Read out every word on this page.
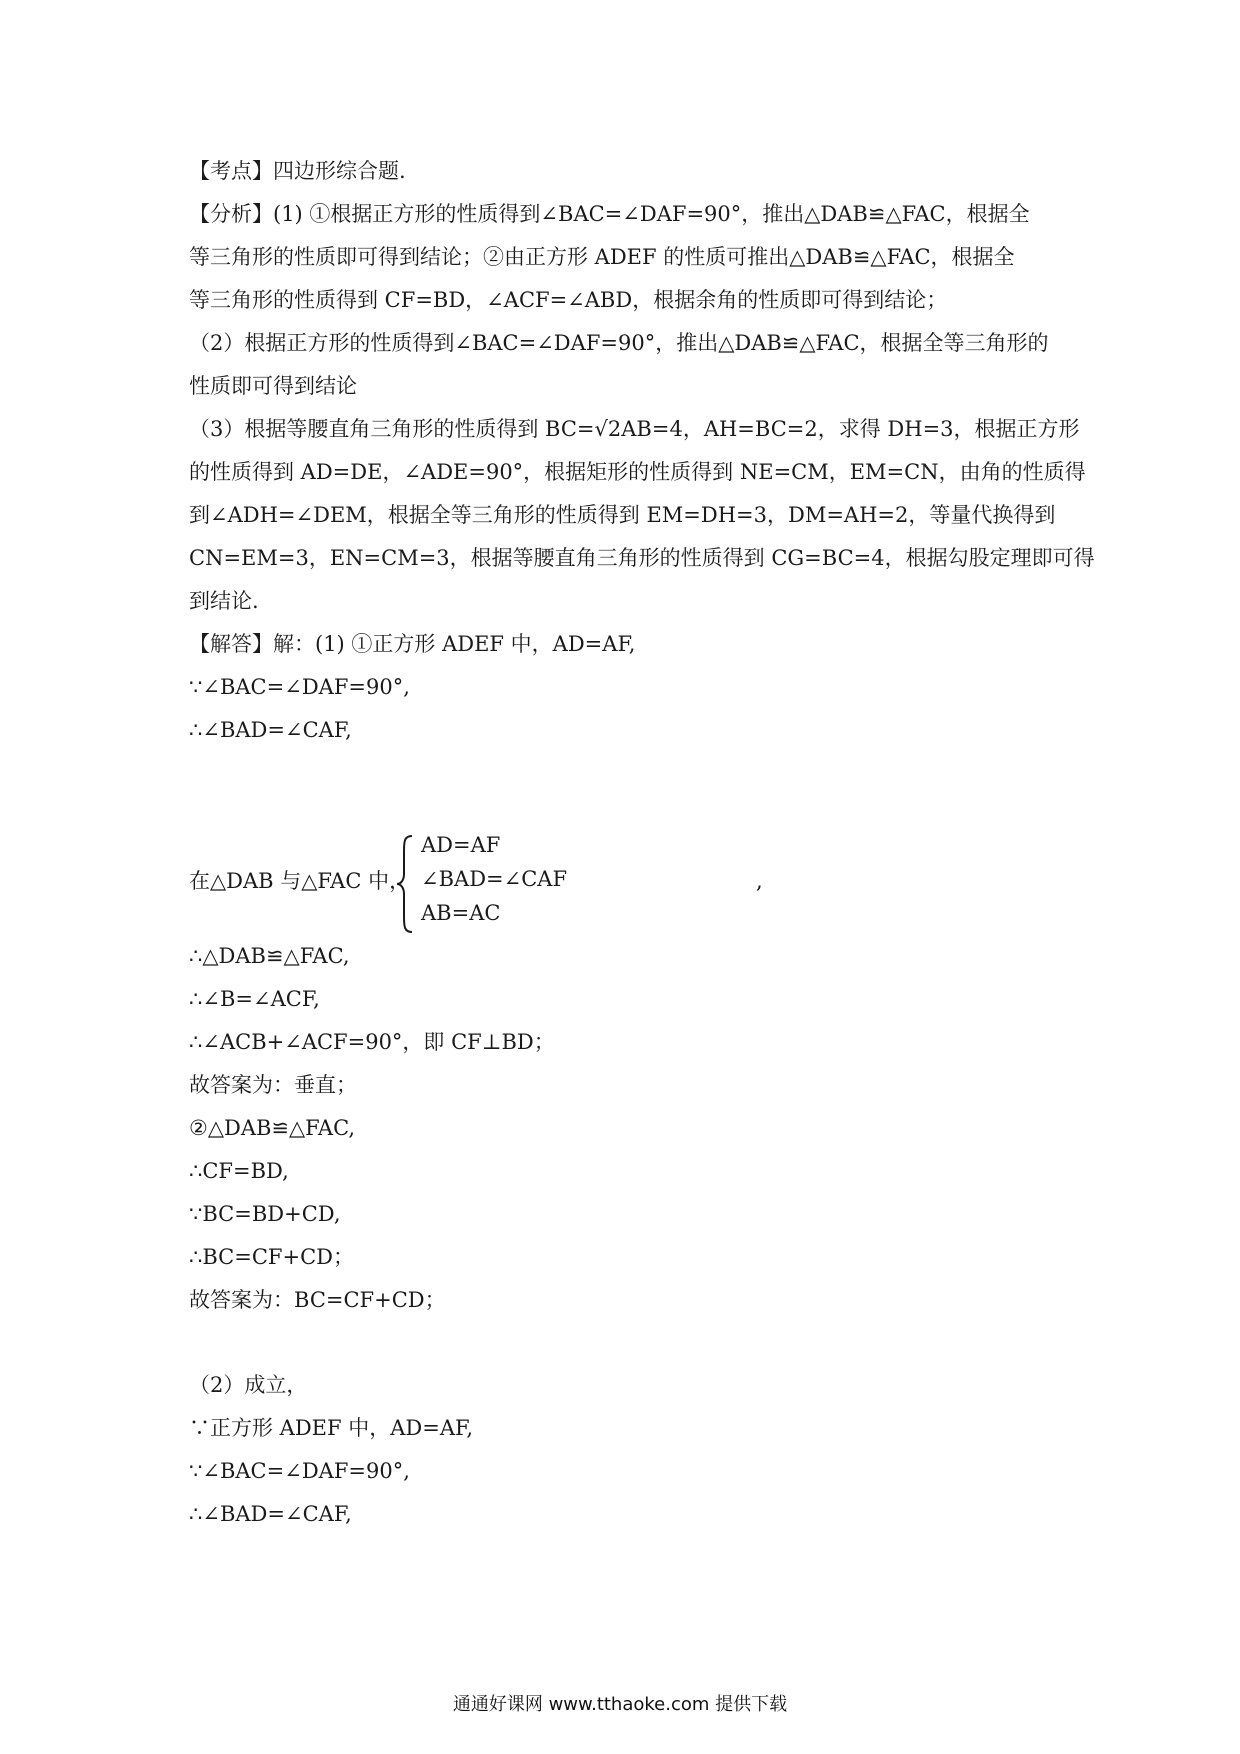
【考点】四边形综合题.
【分析】(1) ①根据正方形的性质得到∠BAC=∠DAF=90°，推出△DAB≌△FAC，根据全
等三角形的性质即可得到结论；②由正方形 ADEF 的性质可推出△DAB≌△FAC，根据全
等三角形的性质得到 CF=BD，∠ACF=∠ABD，根据余角的性质即可得到结论；
（2）根据正方形的性质得到∠BAC=∠DAF=90°，推出△DAB≌△FAC，根据全等三角形的
性质即可得到结论
（3）根据等腰直角三角形的性质得到 BC=√2AB=4，AH=BC=2，求得 DH=3，根据正方形
的性质得到 AD=DE，∠ADE=90°，根据矩形的性质得到 NE=CM，EM=CN，由角的性质得
到∠ADH=∠DEM，根据全等三角形的性质得到 EM=DH=3，DM=AH=2，等量代换得到
CN=EM=3，EN=CM=3，根据等腰直角三角形的性质得到 CG=BC=4，根据勾股定理即可得
到结论.
【解答】解：(1) ①正方形 ADEF 中，AD=AF,
∵∠BAC=∠DAF=90°,
∴∠BAD=∠CAF,
在△DAB 与△FAC 中，
AD=AF
∠BAD=∠CAF
AB=AC
,
∴△DAB≌△FAC,
∴∠B=∠ACF,
∴∠ACB+∠ACF=90°，即 CF⊥BD；
故答案为：垂直；
②△DAB≌△FAC,
∴CF=BD,
∵BC=BD+CD,
∴BC=CF+CD；
故答案为：BC=CF+CD；
（2）成立，
∵正方形 ADEF 中，AD=AF,
∵∠BAC=∠DAF=90°,
∴∠BAD=∠CAF,
通通好课网 www.tthaoke.com 提供下载
